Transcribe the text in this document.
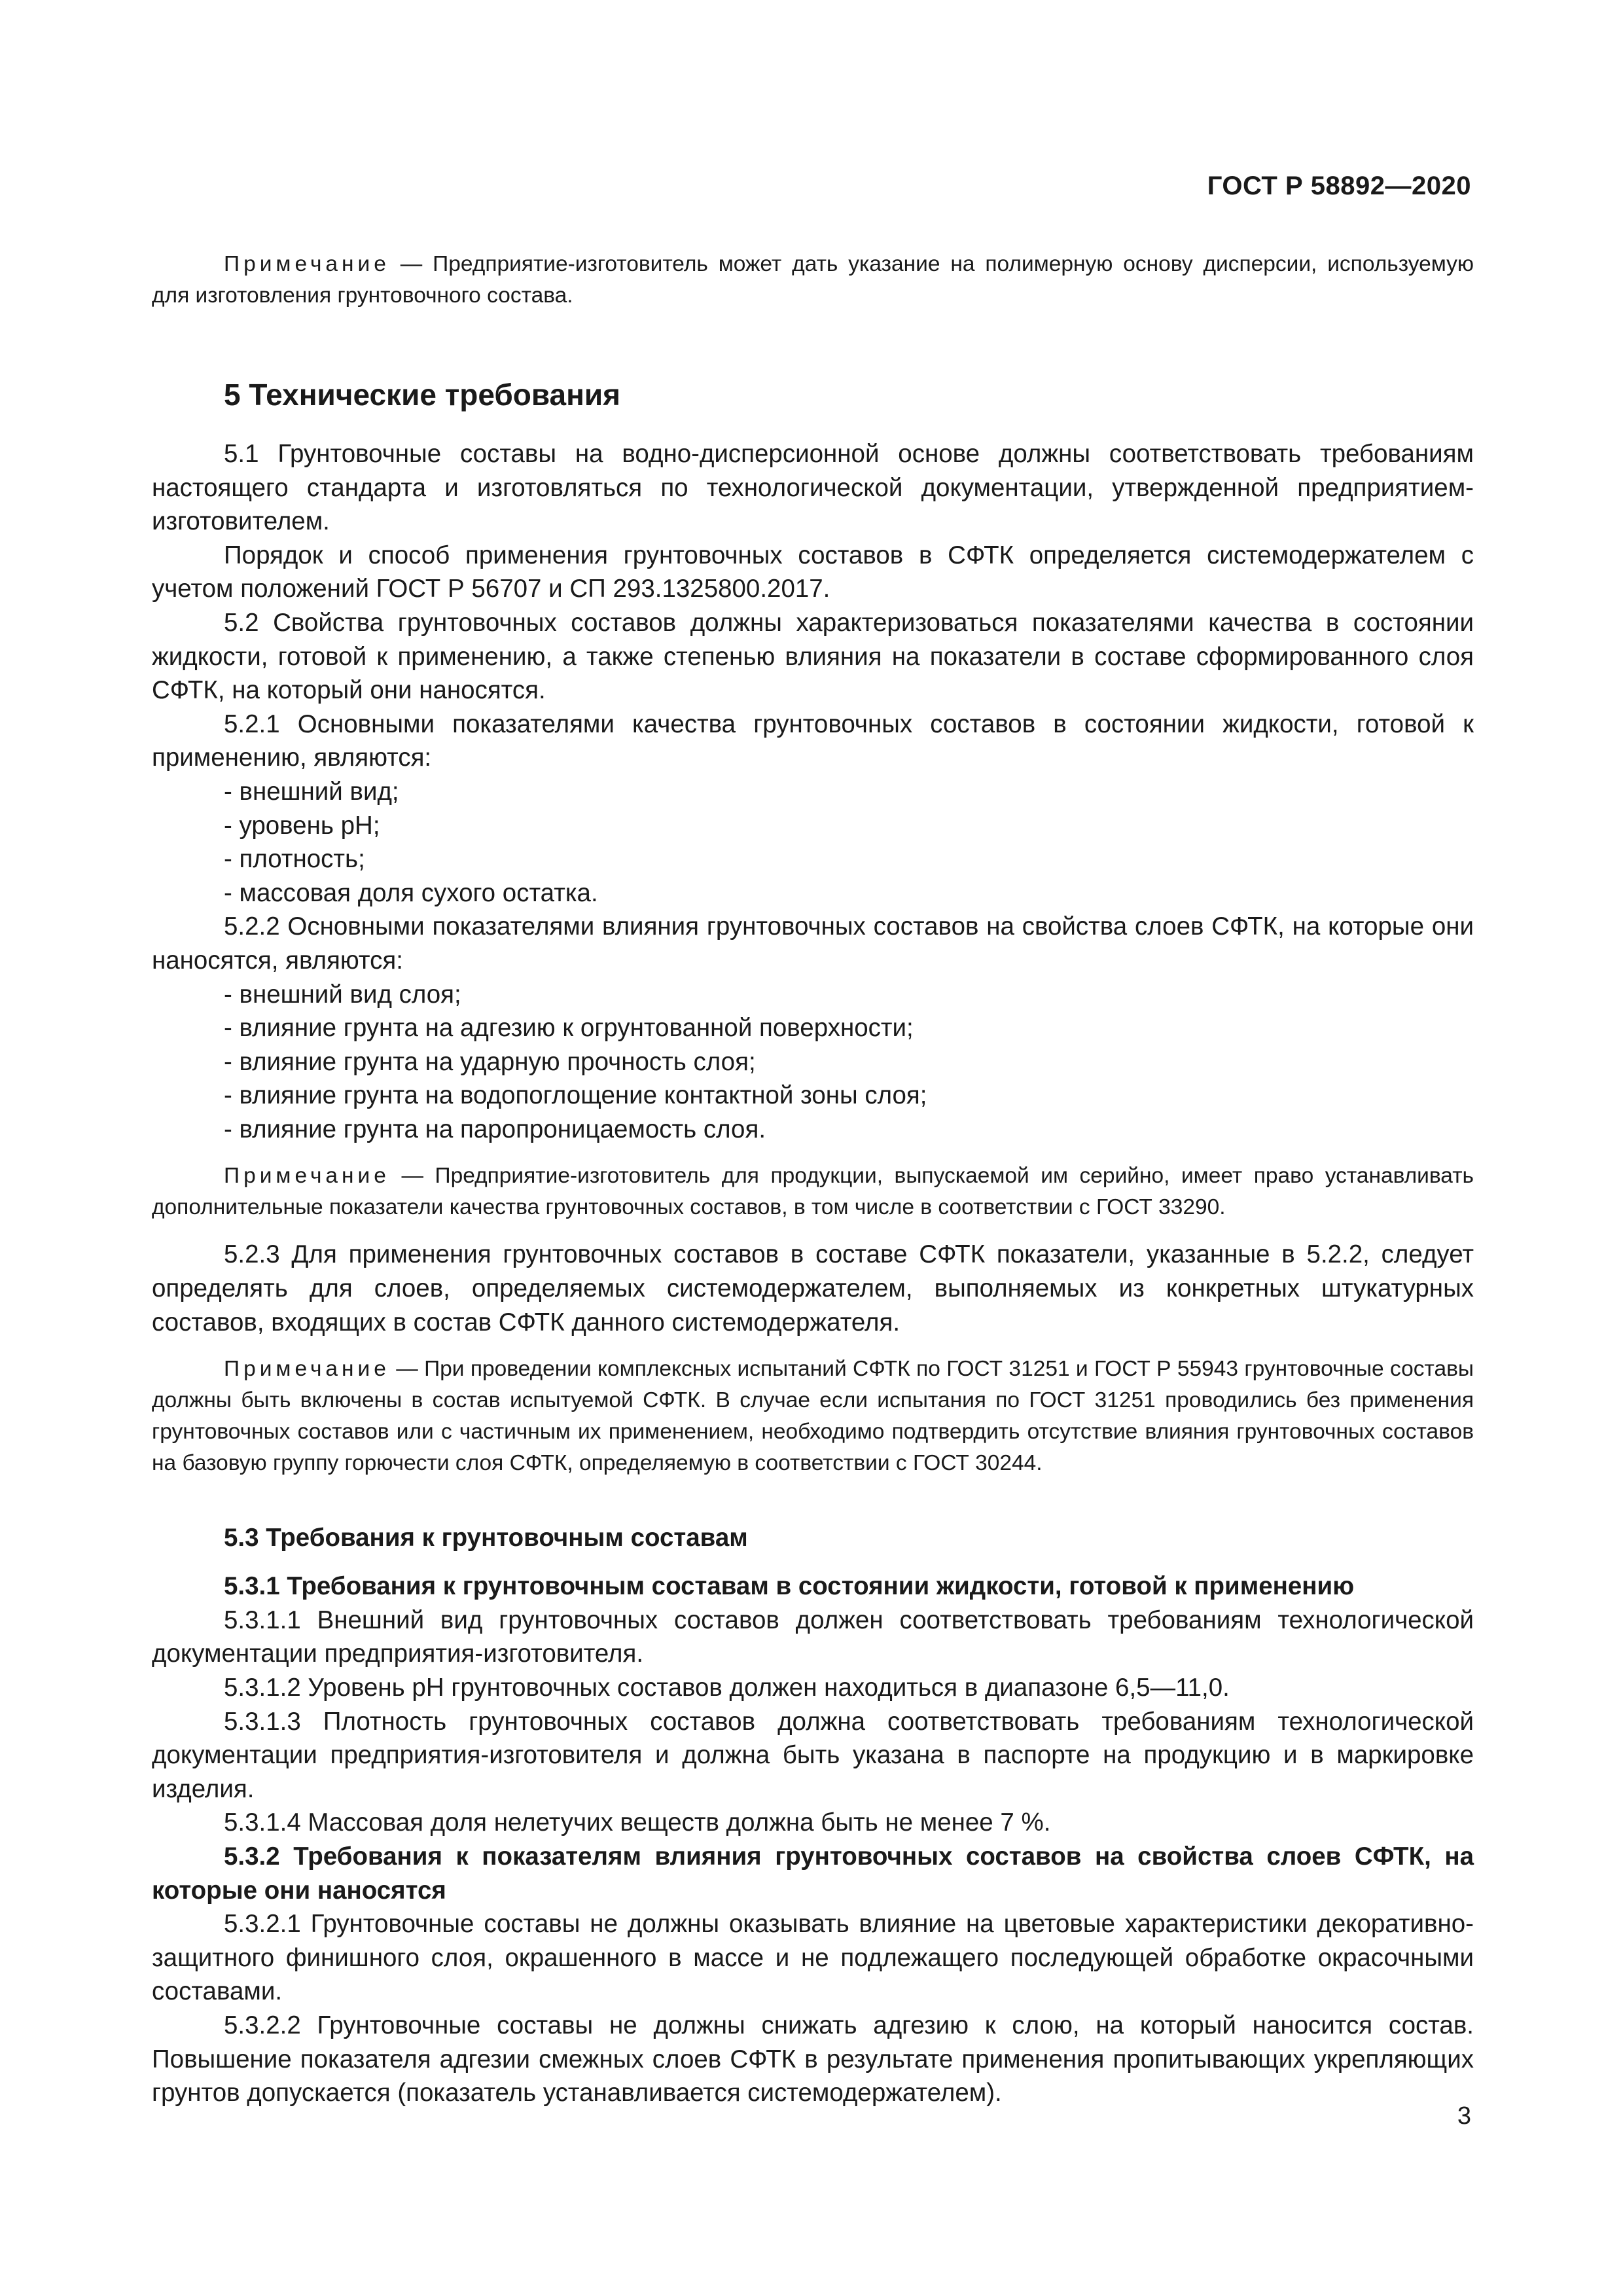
ГОСТ Р 58892—2020

Примечание — Предприятие-изготовитель может дать указание на полимерную основу дисперсии, используемую для изготовления грунтовочного состава.

5 Технические требования

5.1 Грунтовочные составы на водно-дисперсионной основе должны соответствовать требованиям настоящего стандарта и изготовляться по технологической документации, утвержденной предприятием-изготовителем.

Порядок и способ применения грунтовочных составов в СФТК определяется системодержателем с учетом положений ГОСТ Р 56707 и СП 293.1325800.2017.

5.2 Свойства грунтовочных составов должны характеризоваться показателями качества в состоянии жидкости, готовой к применению, а также степенью влияния на показатели в составе сформированного слоя СФТК, на который они наносятся.

5.2.1 Основными показателями качества грунтовочных составов в состоянии жидкости, готовой к применению, являются:

- внешний вид;

- уровень рН;

- плотность;

- массовая доля сухого остатка.

5.2.2 Основными показателями влияния грунтовочных составов на свойства слоев СФТК, на которые они наносятся, являются:

- внешний вид слоя;

- влияние грунта на адгезию к огрунтованной поверхности;

- влияние грунта на ударную прочность слоя;

- влияние грунта на водопоглощение контактной зоны слоя;

- влияние грунта на паропроницаемость слоя.

Примечание — Предприятие-изготовитель для продукции, выпускаемой им серийно, имеет право устанавливать дополнительные показатели качества грунтовочных составов, в том числе в соответствии с ГОСТ 33290.

5.2.3 Для применения грунтовочных составов в составе СФТК показатели, указанные в 5.2.2, следует определять для слоев, определяемых системодержателем, выполняемых из конкретных штукатурных составов, входящих в состав СФТК данного системодержателя.

Примечание — При проведении комплексных испытаний СФТК по ГОСТ 31251 и ГОСТ Р 55943 грунтовочные составы должны быть включены в состав испытуемой СФТК. В случае если испытания по ГОСТ 31251 проводились без применения грунтовочных составов или с частичным их применением, необходимо подтвердить отсутствие влияния грунтовочных составов на базовую группу горючести слоя СФТК, определяемую в соответствии с ГОСТ 30244.

5.3 Требования к грунтовочным составам

5.3.1 Требования к грунтовочным составам в состоянии жидкости, готовой к применению

5.3.1.1 Внешний вид грунтовочных составов должен соответствовать требованиям технологической документации предприятия-изготовителя.

5.3.1.2 Уровень рН грунтовочных составов должен находиться в диапазоне 6,5—11,0.

5.3.1.3 Плотность грунтовочных составов должна соответствовать требованиям технологической документации предприятия-изготовителя и должна быть указана в паспорте на продукцию и в маркировке изделия.

5.3.1.4 Массовая доля нелетучих веществ должна быть не менее 7 %.

5.3.2 Требования к показателям влияния грунтовочных составов на свойства слоев СФТК, на которые они наносятся

5.3.2.1 Грунтовочные составы не должны оказывать влияние на цветовые характеристики декоративно-защитного финишного слоя, окрашенного в массе и не подлежащего последующей обработке окрасочными составами.

5.3.2.2 Грунтовочные составы не должны снижать адгезию к слою, на который наносится состав. Повышение показателя адгезии смежных слоев СФТК в результате применения пропитывающих укрепляющих грунтов допускается (показатель устанавливается системодержателем).

3
